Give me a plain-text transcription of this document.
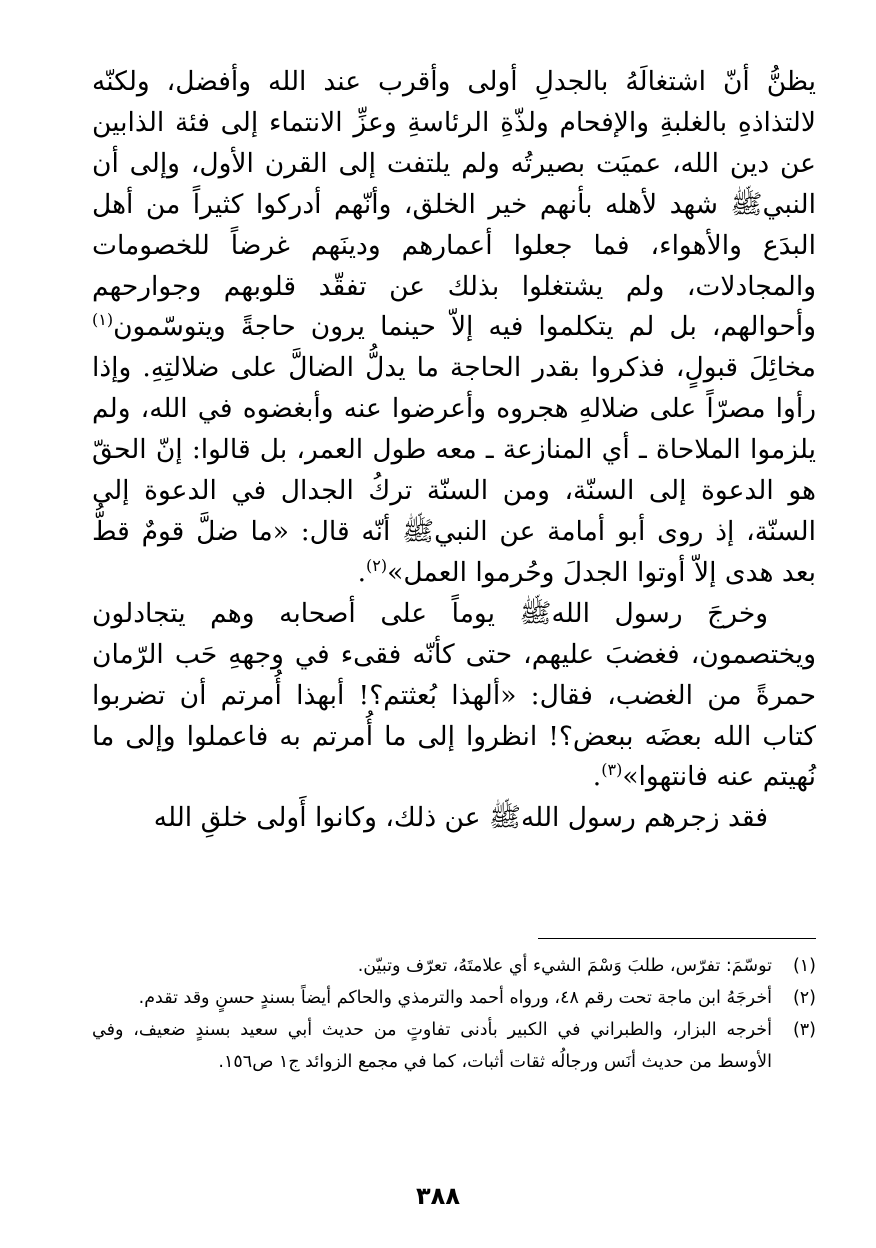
يظنُّ أنّ اشتغالَهُ بالجدلِ أولى وأقرب عند الله وأفضل، ولكنّه لالتذاذهِ بالغلبةِ والإفحام ولذّةِ الرئاسةِ وعزِّ الانتماء إلى فئة الذابين عن دين الله، عميَت بصيرتُه ولم يلتفت إلى القرن الأول، وإلى أن النبيﷺ شهد لأهله بأنهم خير الخلق، وأنّهم أدركوا كثيراً من أهل البدَع والأهواء، فما جعلوا أعمارهم ودينَهم غرضاً للخصومات والمجادلات، ولم يشتغلوا بذلك عن تفقّد قلوبهم وجوارحهم وأحوالهم، بل لم يتكلموا فيه إلاّ حينما يرون حاجةً ويتوسّمون$^{(١)}$ مخائِلَ قبولٍ، فذكروا بقدر الحاجة ما يدلُّ الضالَّ على ضلالتِهِ. وإذا رأوا مصرّاً على ضلالهِ هجروه وأعرضوا عنه وأبغضوه في الله، ولم يلزموا الملاحاة ـ أي المنازعة ـ معه طول العمر، بل قالوا: إنّ الحقّ هو الدعوة إلى السنّة، ومن السنّة تركُ الجدال في الدعوة إلى السنّة، إذ روى أبو أمامة عن النبيﷺ أنّه قال: «ما ضلَّ قومٌ قطُّ بعد هدى إلاّ أوتوا الجدلَ وحُرموا العمل»$^{(٢)}$.

وخرجَ رسول اللهﷺ يوماً على أصحابه وهم يتجادلون ويختصمون، فغضبَ عليهم، حتى كأنّه فقىء في وجههِ حَب الرّمان حمرةً من الغضب، فقال: «ألهذا بُعثتم؟! أبهذا أُمرتم أن تضربوا كتاب الله بعضَه ببعض؟! انظروا إلى ما أُمرتم به فاعملوا وإلى ما نُهيتم عنه فانتهوا»$^{(٣)}$.

فقد زجرهم رسول اللهﷺ عن ذلك، وكانوا أَولى خلقِ الله

(١)
توسّمَ: تفرّس، طلبَ وَسْمَ الشيء أي علامتَهُ، تعرّف وتبيّن.
(٢)
أخرجَهُ ابن ماجة تحت رقم ٤٨، ورواه أحمد والترمذي والحاكم أيضاً بسندٍ حسنٍ وقد تقدم.
(٣)
أخرجه البزار، والطبراني في الكبير بأدنى تفاوتٍ من حديث أبي سعيد بسندٍ ضعيف، وفي الأوسط من حديث أنَس ورجالُه ثقات أثبات، كما في مجمع الزوائد ج١ ص١٥٦.
٣٨٨
